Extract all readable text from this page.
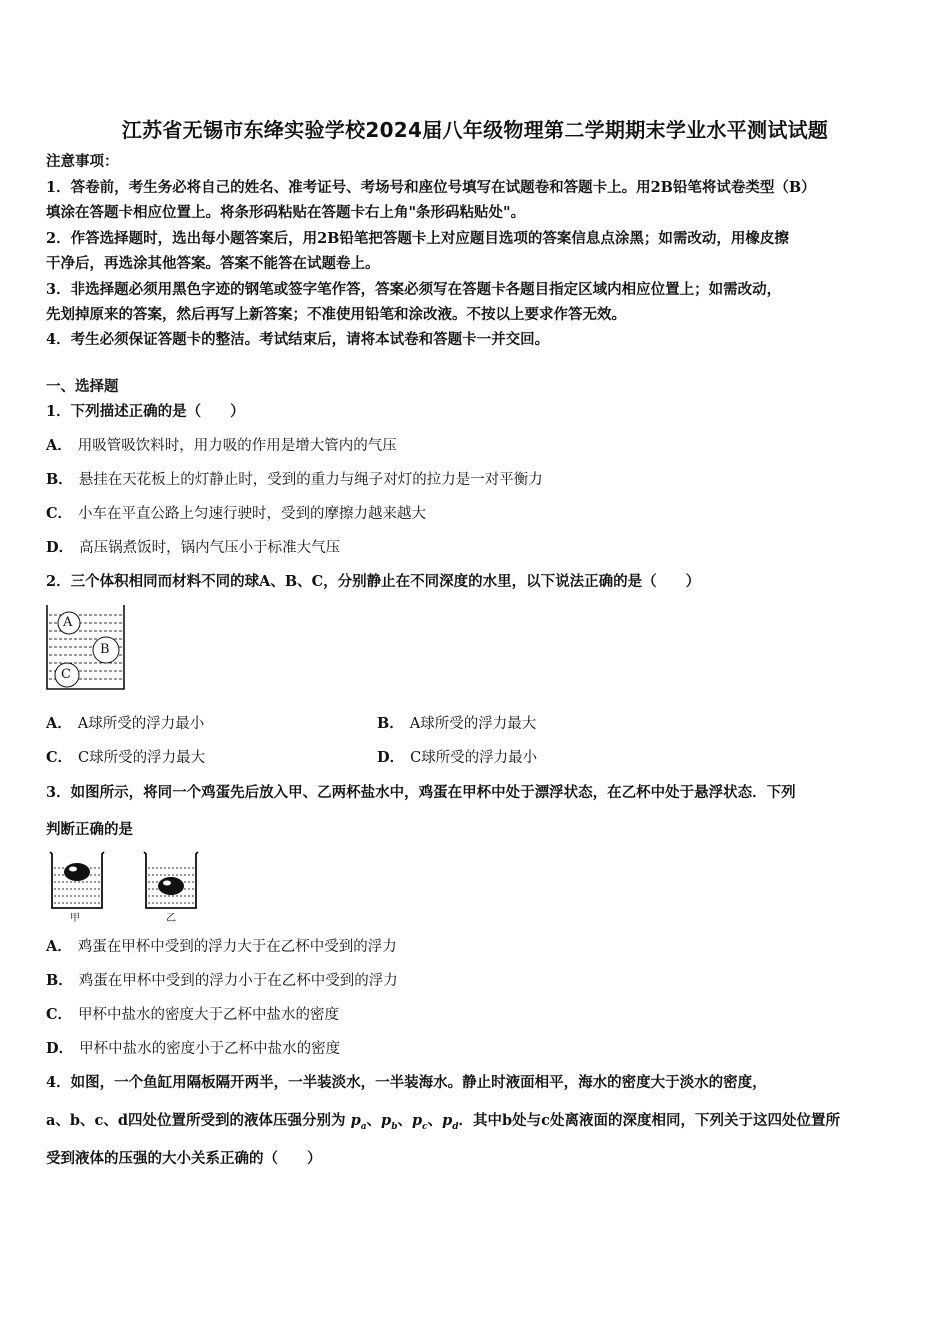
江苏省无锡市东绛实验学校2024届八年级物理第二学期期末学业水平测试试题
注意事项：
1．答卷前，考生务必将自己的姓名、准考证号、考场号和座位号填写在试题卷和答题卡上。用2B铅笔将试卷类型（B）
填涂在答题卡相应位置上。将条形码粘贴在答题卡右上角"条形码粘贴处"。
2．作答选择题时，选出每小题答案后，用2B铅笔把答题卡上对应题目选项的答案信息点涂黑；如需改动，用橡皮擦
干净后，再选涂其他答案。答案不能答在试题卷上。
3．非选择题必须用黑色字迹的钢笔或签字笔作答，答案必须写在答题卡各题目指定区域内相应位置上；如需改动，
先划掉原来的答案，然后再写上新答案；不准使用铅笔和涂改液。不按以上要求作答无效。
4．考生必须保证答题卡的整洁。考试结束后，请将本试卷和答题卡一并交回。
一、选择题
1．下列描述正确的是（　　）
A． 用吸管吸饮料时，用力吸的作用是增大管内的气压
B． 悬挂在天花板上的灯静止时，受到的重力与绳子对灯的拉力是一对平衡力
C． 小车在平直公路上匀速行驶时，受到的摩擦力越来越大
D． 高压锅煮饭时，锅内气压小于标准大气压
2．三个体积相同而材料不同的球A、B、C，分别静止在不同深度的水里，以下说法正确的是（　　）
A
B
C
A． A球所受的浮力最小	B． A球所受的浮力最大
C． C球所受的浮力最大	D． C球所受的浮力最小
3．如图所示，将同一个鸡蛋先后放入甲、乙两杯盐水中，鸡蛋在甲杯中处于漂浮状态，在乙杯中处于悬浮状态．下列
判断正确的是
甲	乙
A． 鸡蛋在甲杯中受到的浮力大于在乙杯中受到的浮力
B． 鸡蛋在甲杯中受到的浮力小于在乙杯中受到的浮力
C． 甲杯中盐水的密度大于乙杯中盐水的密度
D． 甲杯中盐水的密度小于乙杯中盐水的密度
4．如图，一个鱼缸用隔板隔开两半，一半装淡水，一半装海水。静止时液面相平，海水的密度大于淡水的密度，
a、b、c、d四处位置所受到的液体压强分别为 $p_a$、$p_b$、$p_c$、$p_d$．其中b处与c处离液面的深度相同，下列关于这四处位置所
受到液体的压强的大小关系正确的（　　）
